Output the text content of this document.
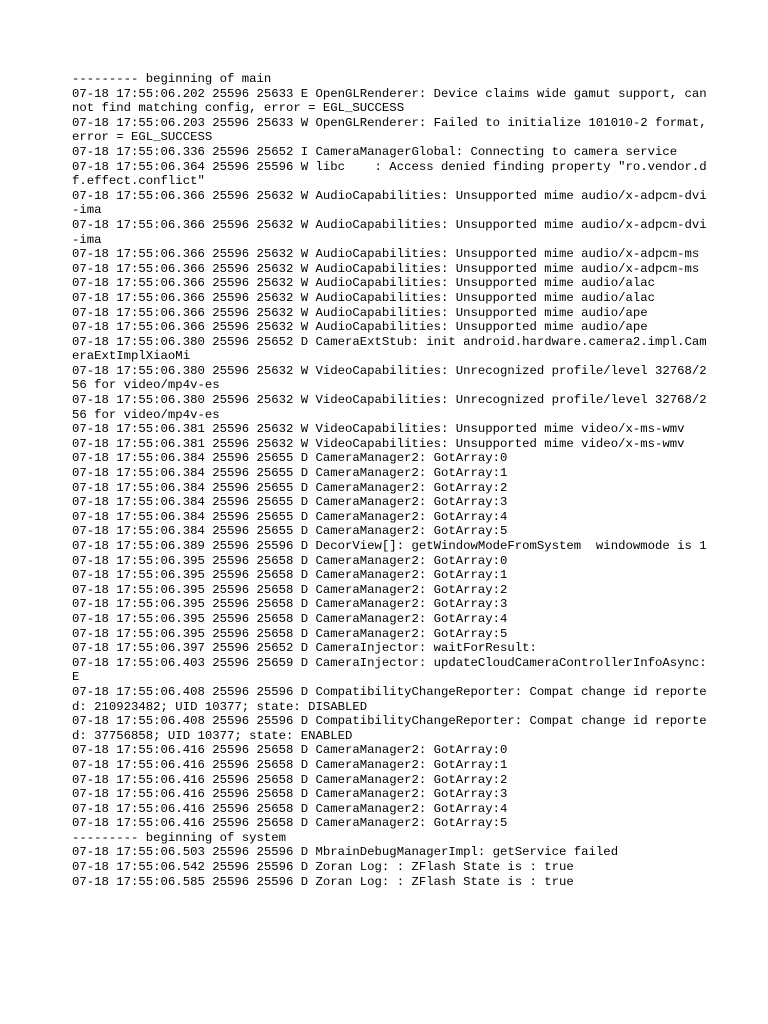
--------- beginning of main
07-18 17:55:06.202 25596 25633 E OpenGLRenderer: Device claims wide gamut support, cannot find matching config, error = EGL_SUCCESS
07-18 17:55:06.203 25596 25633 W OpenGLRenderer: Failed to initialize 101010-2 format, error = EGL_SUCCESS
07-18 17:55:06.336 25596 25652 I CameraManagerGlobal: Connecting to camera service
07-18 17:55:06.364 25596 25596 W libc    : Access denied finding property "ro.vendor.df.effect.conflict"
07-18 17:55:06.366 25596 25632 W AudioCapabilities: Unsupported mime audio/x-adpcm-dvi-ima
07-18 17:55:06.366 25596 25632 W AudioCapabilities: Unsupported mime audio/x-adpcm-dvi-ima
07-18 17:55:06.366 25596 25632 W AudioCapabilities: Unsupported mime audio/x-adpcm-ms
07-18 17:55:06.366 25596 25632 W AudioCapabilities: Unsupported mime audio/x-adpcm-ms
07-18 17:55:06.366 25596 25632 W AudioCapabilities: Unsupported mime audio/alac
07-18 17:55:06.366 25596 25632 W AudioCapabilities: Unsupported mime audio/alac
07-18 17:55:06.366 25596 25632 W AudioCapabilities: Unsupported mime audio/ape
07-18 17:55:06.366 25596 25632 W AudioCapabilities: Unsupported mime audio/ape
07-18 17:55:06.380 25596 25652 D CameraExtStub: init android.hardware.camera2.impl.CameraExtImplXiaoMi
07-18 17:55:06.380 25596 25632 W VideoCapabilities: Unrecognized profile/level 32768/256 for video/mp4v-es
07-18 17:55:06.380 25596 25632 W VideoCapabilities: Unrecognized profile/level 32768/256 for video/mp4v-es
07-18 17:55:06.381 25596 25632 W VideoCapabilities: Unsupported mime video/x-ms-wmv
07-18 17:55:06.381 25596 25632 W VideoCapabilities: Unsupported mime video/x-ms-wmv
07-18 17:55:06.384 25596 25655 D CameraManager2: GotArray:0
07-18 17:55:06.384 25596 25655 D CameraManager2: GotArray:1
07-18 17:55:06.384 25596 25655 D CameraManager2: GotArray:2
07-18 17:55:06.384 25596 25655 D CameraManager2: GotArray:3
07-18 17:55:06.384 25596 25655 D CameraManager2: GotArray:4
07-18 17:55:06.384 25596 25655 D CameraManager2: GotArray:5
07-18 17:55:06.389 25596 25596 D DecorView[]: getWindowModeFromSystem  windowmode is 1
07-18 17:55:06.395 25596 25658 D CameraManager2: GotArray:0
07-18 17:55:06.395 25596 25658 D CameraManager2: GotArray:1
07-18 17:55:06.395 25596 25658 D CameraManager2: GotArray:2
07-18 17:55:06.395 25596 25658 D CameraManager2: GotArray:3
07-18 17:55:06.395 25596 25658 D CameraManager2: GotArray:4
07-18 17:55:06.395 25596 25658 D CameraManager2: GotArray:5
07-18 17:55:06.397 25596 25652 D CameraInjector: waitForResult:
07-18 17:55:06.403 25596 25659 D CameraInjector: updateCloudCameraControllerInfoAsync: E
07-18 17:55:06.408 25596 25596 D CompatibilityChangeReporter: Compat change id reported: 210923482; UID 10377; state: DISABLED
07-18 17:55:06.408 25596 25596 D CompatibilityChangeReporter: Compat change id reported: 37756858; UID 10377; state: ENABLED
07-18 17:55:06.416 25596 25658 D CameraManager2: GotArray:0
07-18 17:55:06.416 25596 25658 D CameraManager2: GotArray:1
07-18 17:55:06.416 25596 25658 D CameraManager2: GotArray:2
07-18 17:55:06.416 25596 25658 D CameraManager2: GotArray:3
07-18 17:55:06.416 25596 25658 D CameraManager2: GotArray:4
07-18 17:55:06.416 25596 25658 D CameraManager2: GotArray:5
--------- beginning of system
07-18 17:55:06.503 25596 25596 D MbrainDebugManagerImpl: getService failed
07-18 17:55:06.542 25596 25596 D Zoran Log: : ZFlash State is : true
07-18 17:55:06.585 25596 25596 D Zoran Log: : ZFlash State is : true
